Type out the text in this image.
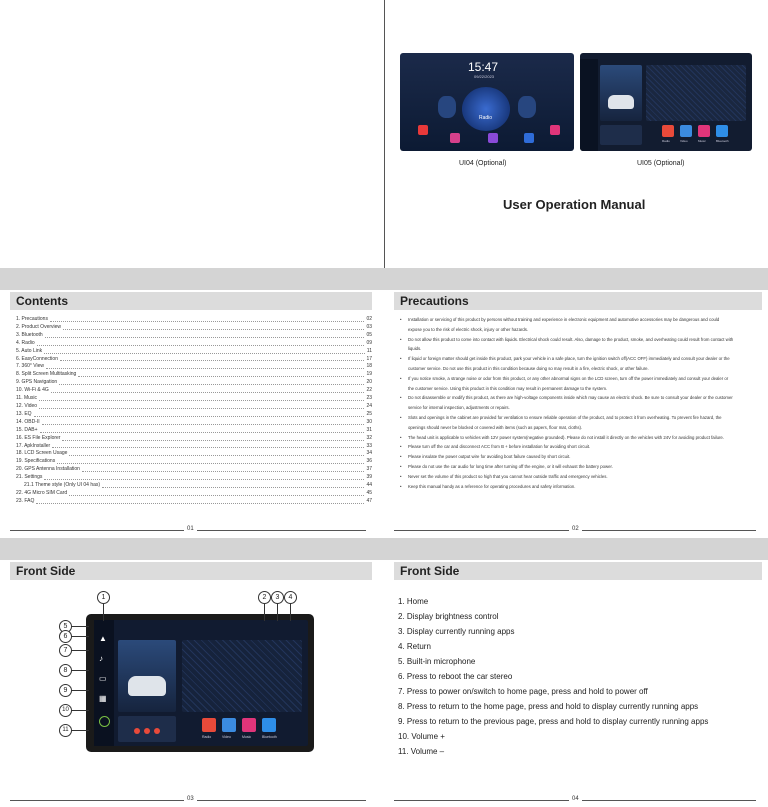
15:47
09/22/2023
Radio
Radio	Video	Music	Bluetooth
UI04 (Optional)	UI05 (Optional)
User Operation Manual
Contents	Precautions
1. Precautions	02
2. Product Overview	03
3. Bluetooth	05
4. Radio	09
5. Auto Link	11
6. EasyConnection	17
7. 360° View	18
8. Split Screen Multitasking	19
9. GPS Navigation	20
10. Wi-Fi & 4G	22
11. Music	23
12. Video	24
13. EQ	25
14. OBD-II	30
15. DAB+	31
16. ES File Explorer	32
17. ApkInstaller	33
18. LCD Screen Usage	34
19. Specifications	36
20. GPS Antenna Installation	37
21. Settings	39
21.1 Theme style (Only UI 04 has)	44
22. 4G Micro SIM Card	45
23. FAQ	47
• Installation or servicing of this product by persons without training and experience in electronic equipment and automotive accessories may be dangerous and could expose you to the risk of electric shock, injury or other hazards.
• Do not allow this product to come into contact with liquids. Electrical shock could result. Also, damage to the product, smoke, and overheating could result from contact with liquids.
• If liquid or foreign matter should get inside this product, park your vehicle in a safe place, turn the ignition switch off(ACC OFF) immediately and consult your dealer or the customer service. Do not use this product in this condition because doing so may result in a fire, electric shock, or other failure.
• If you notice smoke, a strange noise or odor from this product, or any other abnormal signs on the LCD screen, turn off the power immediately and consult your dealer or the customer service. Using this product in this condition may result in permanent damage to the system.
• Do not disassemble or modify this product, as there are high-voltage components inside which may cause an electric shock. Be sure to consult your dealer or the customer service for internal inspection, adjustments or repairs.
• Slots and openings in the cabinet are provided for ventilation to ensure reliable operation of the product, and to protect it from overheating. To prevent fire hazard, the openings should never be blocked or covered with items (such as papers, floor mat, cloths).
• The head unit is applicable to vehicles with 12V power system(negative grounded). Please do not install it directly on the vehicles with 24V for avoiding product failure.
• Please turn off the car and disconnect ACC from B + before installation for avoiding short circuit.
• Please insulate the power output wire for avoiding boot failure caused by short circuit.
• Please do not use the car audio for long time after turning off the engine, or it will exhaust the battery power.
• Never set the volume of this product so high that you cannot hear outside traffic and emergency vehicles.
• Keep this manual handy as a reference for operating procedures and safety information.
01	02
Front Side	Front Side
▲
♪
▭
▦
Radio	Video	Music	Bluetooth
1	2	3	4
5
6
7
8
9
10
11
1. Home
2. Display brightness control
3. Display currently running apps
4. Return
5. Built-in microphone
6. Press to reboot the car stereo
7. Press to power on/switch to home page, press and hold to power off
8. Press to return to the home page, press and hold to display currently running apps
9. Press to return to the previous page, press and hold to display currently running apps
10. Volume +
11. Volume –
03	04
